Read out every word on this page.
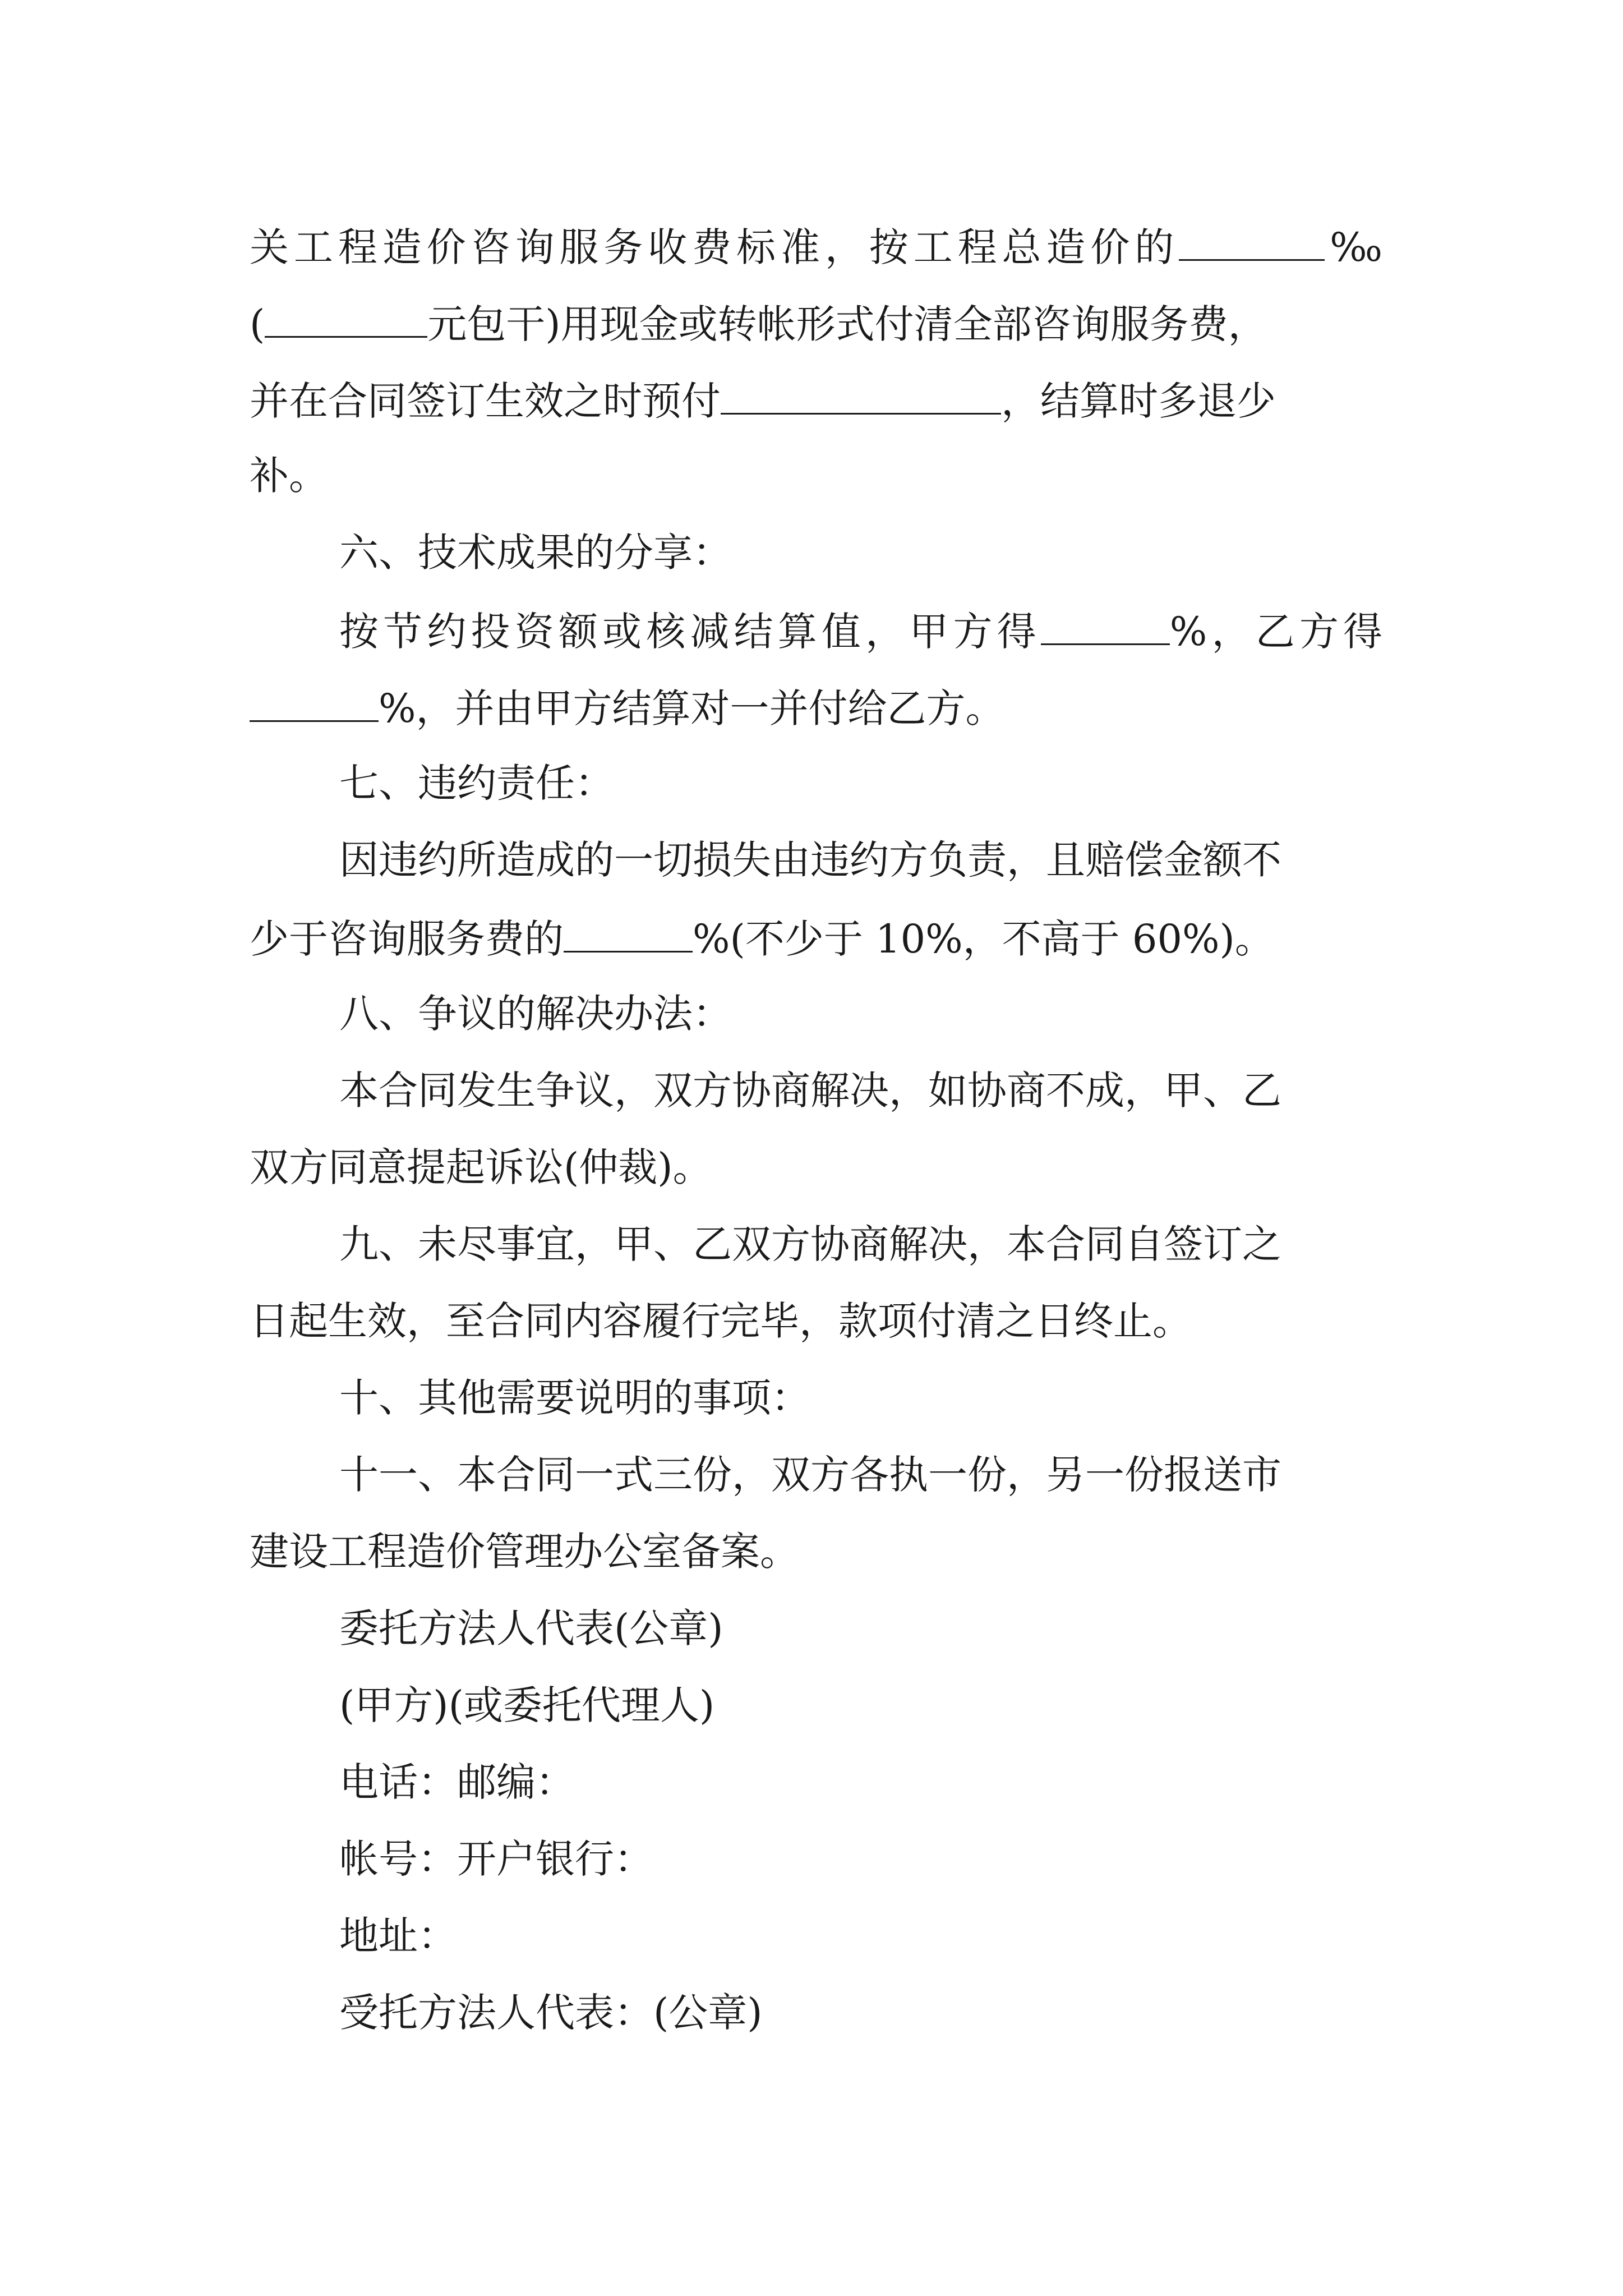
关工程造价咨询服务收费标准，按工程总造价的	‰
(	元包干)用现金或转帐形式付清全部咨询服务费，
并在合同签订生效之时预付	，结算时多退少
补。
六、技术成果的分享：
按节约投资额或核减结算值，甲方得	%，乙方得
%，并由甲方结算对一并付给乙方。
七、违约责任：
因违约所造成的一切损失由违约方负责，且赔偿金额不
少于咨询服务费的	%(不少于 10%，不高于 60%)。
八、争议的解决办法：
本合同发生争议，双方协商解决，如协商不成，甲、乙
双方同意提起诉讼(仲裁)。
九、未尽事宜，甲、乙双方协商解决，本合同自签订之
日起生效，至合同内容履行完毕，款项付清之日终止。
十、其他需要说明的事项：
十一、本合同一式三份，双方各执一份，另一份报送市
建设工程造价管理办公室备案。
委托方法人代表(公章)
(甲方)(或委托代理人)
电话：邮编：
帐号：开户银行：
地址：
受托方法人代表：(公章)
